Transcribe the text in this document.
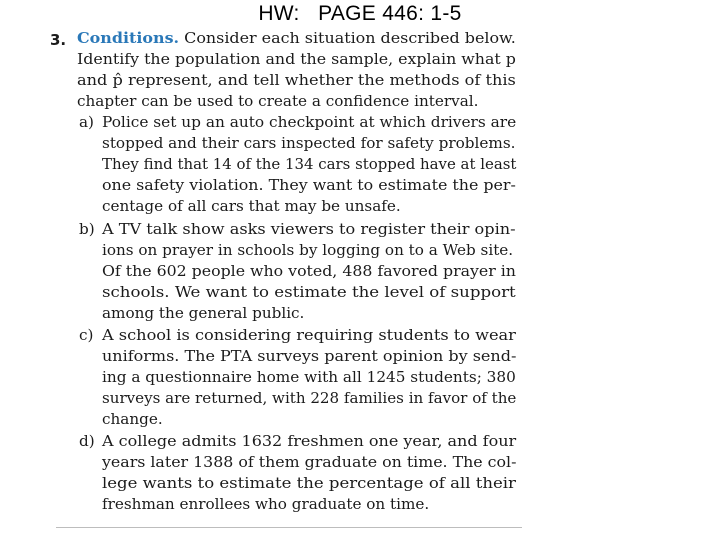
HW:   PAGE 446: 1-5
3. Conditions. Consider each situation described below.
Identify the population and the sample, explain what p
and p̂ represent, and tell whether the methods of this
chapter can be used to create a confidence interval.
a) Police set up an auto checkpoint at which drivers are
stopped and their cars inspected for safety problems.
They find that 14 of the 134 cars stopped have at least
one safety violation. They want to estimate the per-
centage of all cars that may be unsafe.
b) A TV talk show asks viewers to register their opin-
ions on prayer in schools by logging on to a Web site.
Of the 602 people who voted, 488 favored prayer in
schools. We want to estimate the level of support
among the general public.
c) A school is considering requiring students to wear
uniforms. The PTA surveys parent opinion by send-
ing a questionnaire home with all 1245 students; 380
surveys are returned, with 228 families in favor of the
change.
d) A college admits 1632 freshmen one year, and four
years later 1388 of them graduate on time. The col-
lege wants to estimate the percentage of all their
freshman enrollees who graduate on time.
